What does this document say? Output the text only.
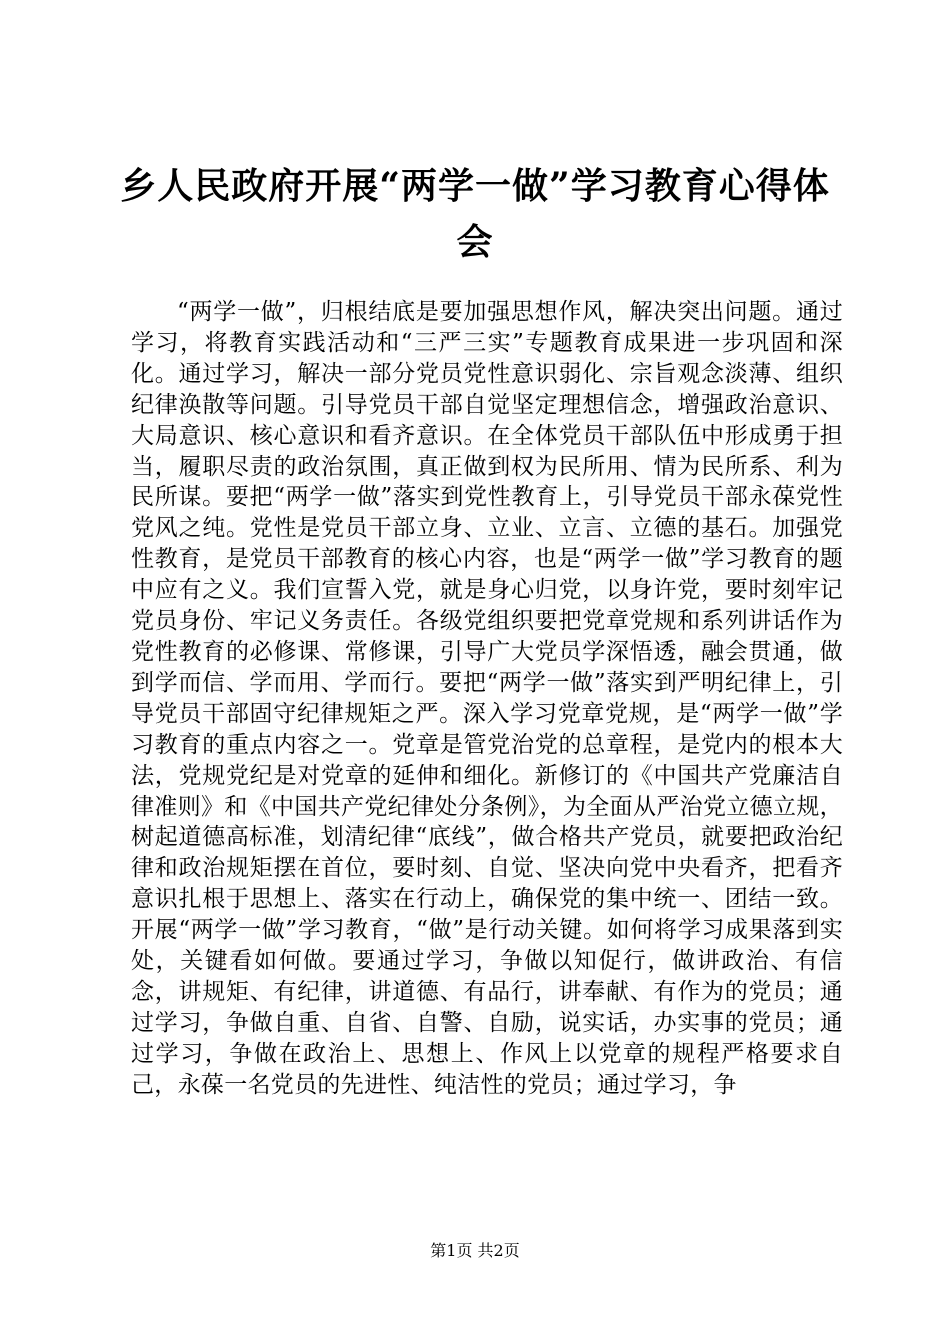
乡人民政府开展“两学一做”学习教育心得体会

“两学一做”，归根结底是要加强思想作风，解决突出问题。通过学习，将教育实践活动和“三严三实”专题教育成果进一步巩固和深化。通过学习，解决一部分党员党性意识弱化、宗旨观念淡薄、组织纪律涣散等问题。引导党员干部自觉坚定理想信念，增强政治意识、大局意识、核心意识和看齐意识。在全体党员干部队伍中形成勇于担当，履职尽责的政治氛围，真正做到权为民所用、情为民所系、利为民所谋。要把“两学一做”落实到党性教育上，引导党员干部永葆党性党风之纯。党性是党员干部立身、立业、立言、立德的基石。加强党性教育，是党员干部教育的核心内容，也是“两学一做”学习教育的题中应有之义。我们宣誓入党，就是身心归党，以身许党，要时刻牢记党员身份、牢记义务责任。各级党组织要把党章党规和系列讲话作为党性教育的必修课、常修课，引导广大党员学深悟透，融会贯通，做到学而信、学而用、学而行。要把“两学一做”落实到严明纪律上，引导党员干部固守纪律规矩之严。深入学习党章党规，是“两学一做”学习教育的重点内容之一。党章是管党治党的总章程，是党内的根本大法，党规党纪是对党章的延伸和细化。新修订的《中国共产党廉洁自律准则》和《中国共产党纪律处分条例》，为全面从严治党立德立规，树起道德高标准，划清纪律“底线”，做合格共产党员，就要把政治纪律和政治规矩摆在首位，要时刻、自觉、坚决向党中央看齐，把看齐意识扎根于思想上、落实在行动上，确保党的集中统一、团结一致。开展“两学一做”学习教育，“做”是行动关键。如何将学习成果落到实处，关键看如何做。要通过学习，争做以知促行，做讲政治、有信念，讲规矩、有纪律，讲道德、有品行，讲奉献、有作为的党员；通过学习，争做自重、自省、自警、自励，说实话，办实事的党员；通过学习，争做在政治上、思想上、作风上以党章的规程严格要求自己，永葆一名党员的先进性、纯洁性的党员；通过学习，争

第1页 共2页
